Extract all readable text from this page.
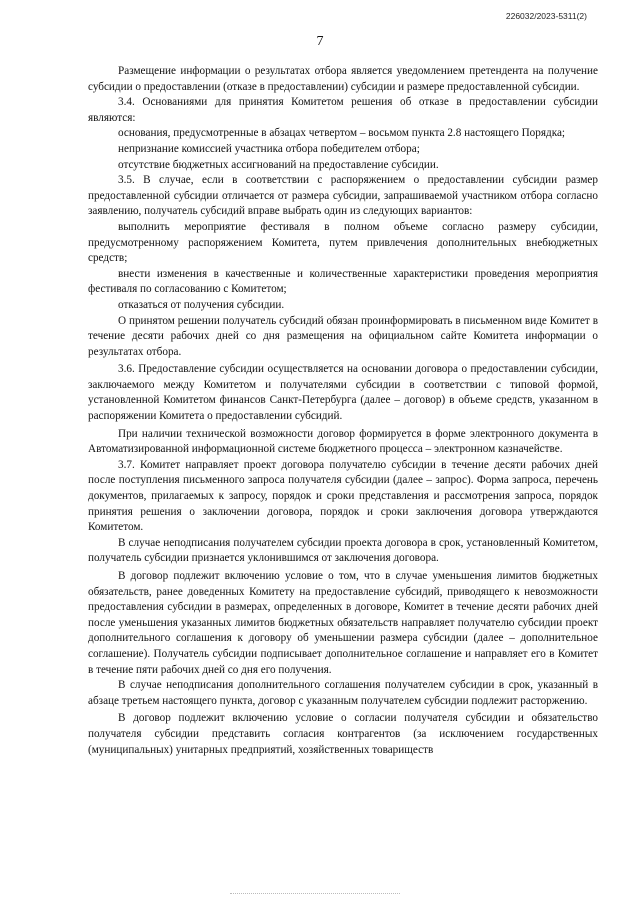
226032/2023-5311(2)
7

Размещение информации о результатах отбора является уведомлением претендента на получение субсидии о предоставлении (отказе в предоставлении) субсидии и размере предоставленной субсидии.

3.4. Основаниями для принятия Комитетом решения об отказе в предоставлении субсидии являются:

основания, предусмотренные в абзацах четвертом – восьмом пункта 2.8 настоящего Порядка;

непризнание комиссией участника отбора победителем отбора;

отсутствие бюджетных ассигнований на предоставление субсидии.

3.5. В случае, если в соответствии с распоряжением о предоставлении субсидии размер предоставленной субсидии отличается от размера субсидии, запрашиваемой участником отбора согласно заявлению, получатель субсидий вправе выбрать один из следующих вариантов:

выполнить мероприятие фестиваля в полном объеме согласно размеру субсидии, предусмотренному распоряжением Комитета, путем привлечения дополнительных внебюджетных средств;

внести изменения в качественные и количественные характеристики проведения мероприятия фестиваля по согласованию с Комитетом;

отказаться от получения субсидии.

О принятом решении получатель субсидий обязан проинформировать в письменном виде Комитет в течение десяти рабочих дней со дня размещения на официальном сайте Комитета информации о результатах отбора.

3.6. Предоставление субсидии осуществляется на основании договора о предоставлении субсидии, заключаемого между Комитетом и получателями субсидии в соответствии с типовой формой, установленной Комитетом финансов Санкт-Петербурга (далее – договор) в объеме средств, указанном в распоряжении Комитета о предоставлении субсидий.

При наличии технической возможности договор формируется в форме электронного документа в Автоматизированной информационной системе бюджетного процесса – электронном казначействе.

3.7. Комитет направляет проект договора получателю субсидии в течение десяти рабочих дней после поступления письменного запроса получателя субсидии (далее – запрос). Форма запроса, перечень документов, прилагаемых к запросу, порядок и сроки представления и рассмотрения запроса, порядок принятия решения о заключении договора, порядок и сроки заключения договора утверждаются Комитетом.

В случае неподписания получателем субсидии проекта договора в срок, установленный Комитетом, получатель субсидии признается уклонившимся от заключения договора.

В договор подлежит включению условие о том, что в случае уменьшения лимитов бюджетных обязательств, ранее доведенных Комитету на предоставление субсидий, приводящего к невозможности предоставления субсидии в размерах, определенных в договоре, Комитет в течение десяти рабочих дней после уменьшения указанных лимитов бюджетных обязательств направляет получателю субсидии проект дополнительного соглашения к договору об уменьшении размера субсидии (далее – дополнительное соглашение). Получатель субсидии подписывает дополнительное соглашение и направляет его в Комитет в течение пяти рабочих дней со дня его получения.

В случае неподписания дополнительного соглашения получателем субсидии в срок, указанный в абзаце третьем настоящего пункта, договор с указанным получателем субсидии подлежит расторжению.

В договор подлежит включению условие о согласии получателя субсидии и обязательство получателя субсидии представить согласия контрагентов (за исключением государственных (муниципальных) унитарных предприятий, хозяйственных товариществ
